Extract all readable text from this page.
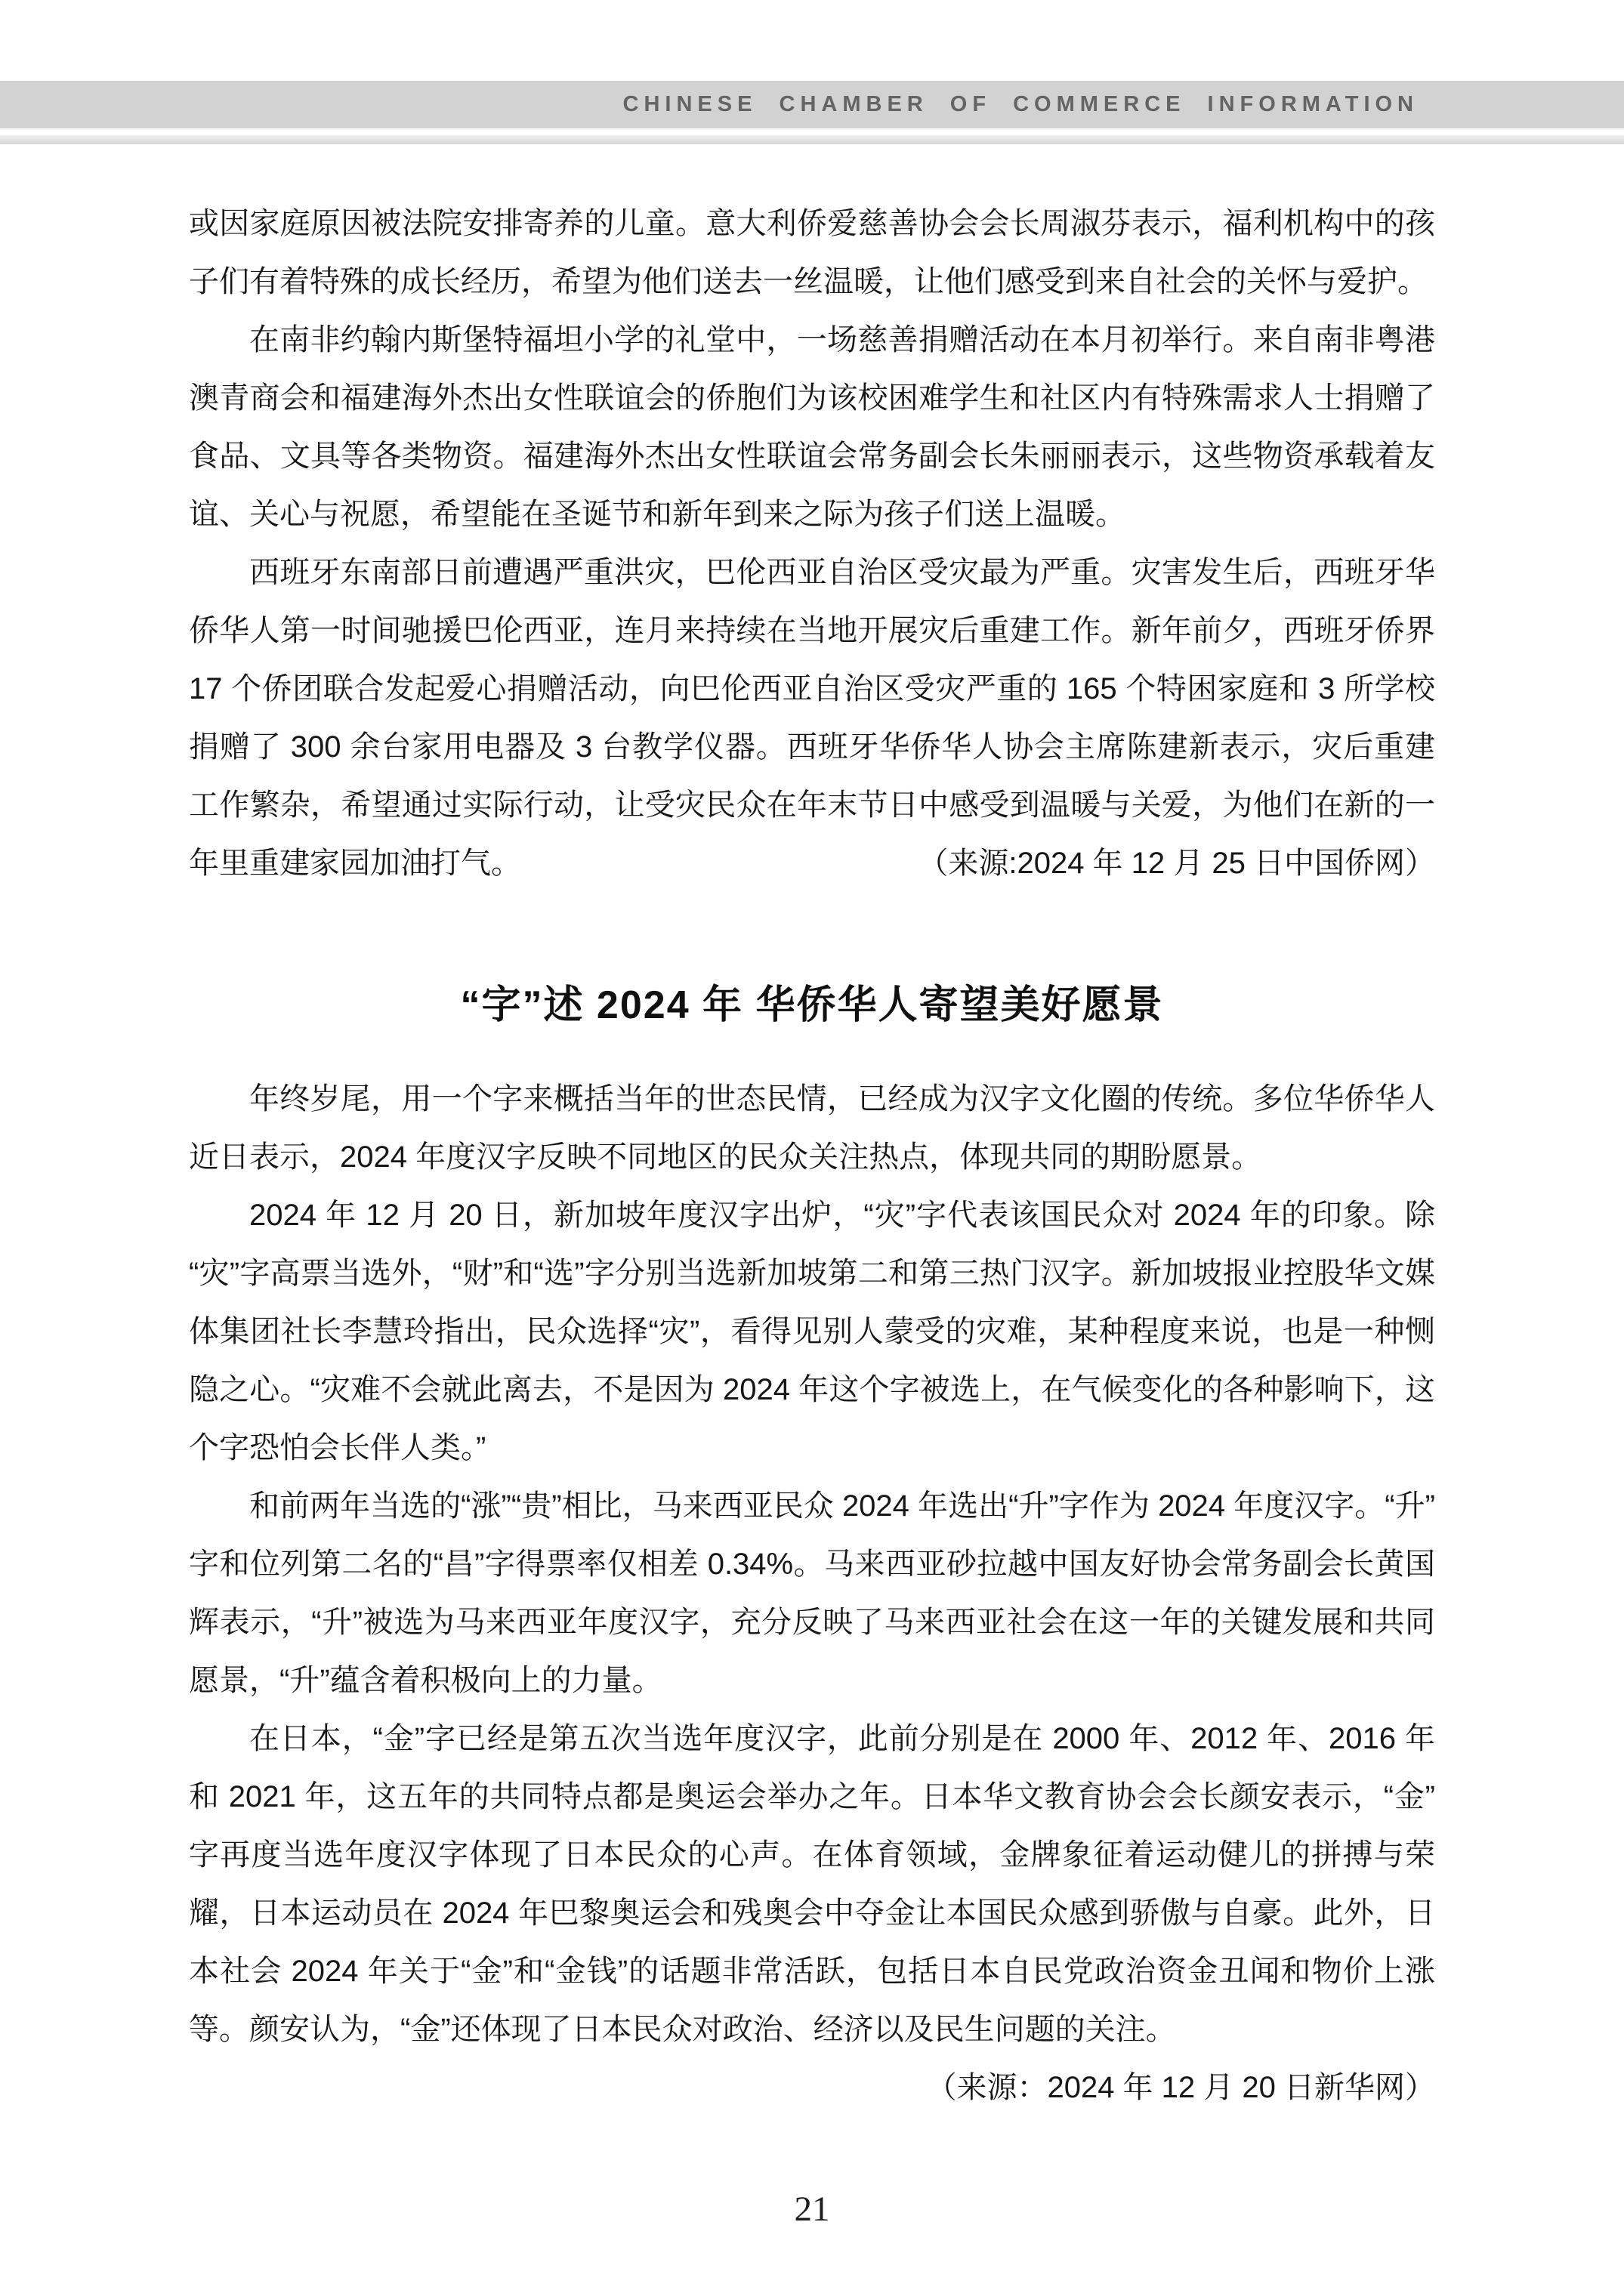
CHINESE CHAMBER OF COMMERCE INFORMATION

或因家庭原因被法院安排寄养的儿童。意大利侨爱慈善协会会长周淑芬表示，福利机构中的孩子们有着特殊的成长经历，希望为他们送去一丝温暖，让他们感受到来自社会的关怀与爱护。

在南非约翰内斯堡特福坦小学的礼堂中，一场慈善捐赠活动在本月初举行。来自南非粤港澳青商会和福建海外杰出女性联谊会的侨胞们为该校困难学生和社区内有特殊需求人士捐赠了食品、文具等各类物资。福建海外杰出女性联谊会常务副会长朱丽丽表示，这些物资承载着友谊、关心与祝愿，希望能在圣诞节和新年到来之际为孩子们送上温暖。

西班牙东南部日前遭遇严重洪灾，巴伦西亚自治区受灾最为严重。灾害发生后，西班牙华侨华人第一时间驰援巴伦西亚，连月来持续在当地开展灾后重建工作。新年前夕，西班牙侨界 17 个侨团联合发起爱心捐赠活动，向巴伦西亚自治区受灾严重的 165 个特困家庭和 3 所学校捐赠了 300 余台家用电器及 3 台教学仪器。西班牙华侨华人协会主席陈建新表示，灾后重建工作繁杂，希望通过实际行动，让受灾民众在年末节日中感受到温暖与关爱，为他们在新的一年里重建家园加油打气。	（来源:2024 年 12 月 25 日中国侨网）

“字”述 2024 年 华侨华人寄望美好愿景

年终岁尾，用一个字来概括当年的世态民情，已经成为汉字文化圈的传统。多位华侨华人近日表示，2024 年度汉字反映不同地区的民众关注热点，体现共同的期盼愿景。

2024 年 12 月 20 日，新加坡年度汉字出炉，“灾”字代表该国民众对 2024 年的印象。除“灾”字高票当选外，“财”和“选”字分别当选新加坡第二和第三热门汉字。新加坡报业控股华文媒体集团社长李慧玲指出，民众选择“灾”，看得见别人蒙受的灾难，某种程度来说，也是一种恻隐之心。“灾难不会就此离去，不是因为 2024 年这个字被选上，在气候变化的各种影响下，这个字恐怕会长伴人类。”

和前两年当选的“涨”“贵”相比，马来西亚民众 2024 年选出“升”字作为 2024 年度汉字。“升”字和位列第二名的“昌”字得票率仅相差 0.34%。马来西亚砂拉越中国友好协会常务副会长黄国辉表示，“升”被选为马来西亚年度汉字，充分反映了马来西亚社会在这一年的关键发展和共同愿景，“升”蕴含着积极向上的力量。

在日本，“金”字已经是第五次当选年度汉字，此前分别是在 2000 年、2012 年、2016 年和 2021 年，这五年的共同特点都是奥运会举办之年。日本华文教育协会会长颜安表示，“金”字再度当选年度汉字体现了日本民众的心声。在体育领域，金牌象征着运动健儿的拼搏与荣耀，日本运动员在 2024 年巴黎奥运会和残奥会中夺金让本国民众感到骄傲与自豪。此外，日本社会 2024 年关于“金”和“金钱”的话题非常活跃，包括日本自民党政治资金丑闻和物价上涨等。颜安认为，“金”还体现了日本民众对政治、经济以及民生问题的关注。

（来源：2024 年 12 月 20 日新华网）

21
